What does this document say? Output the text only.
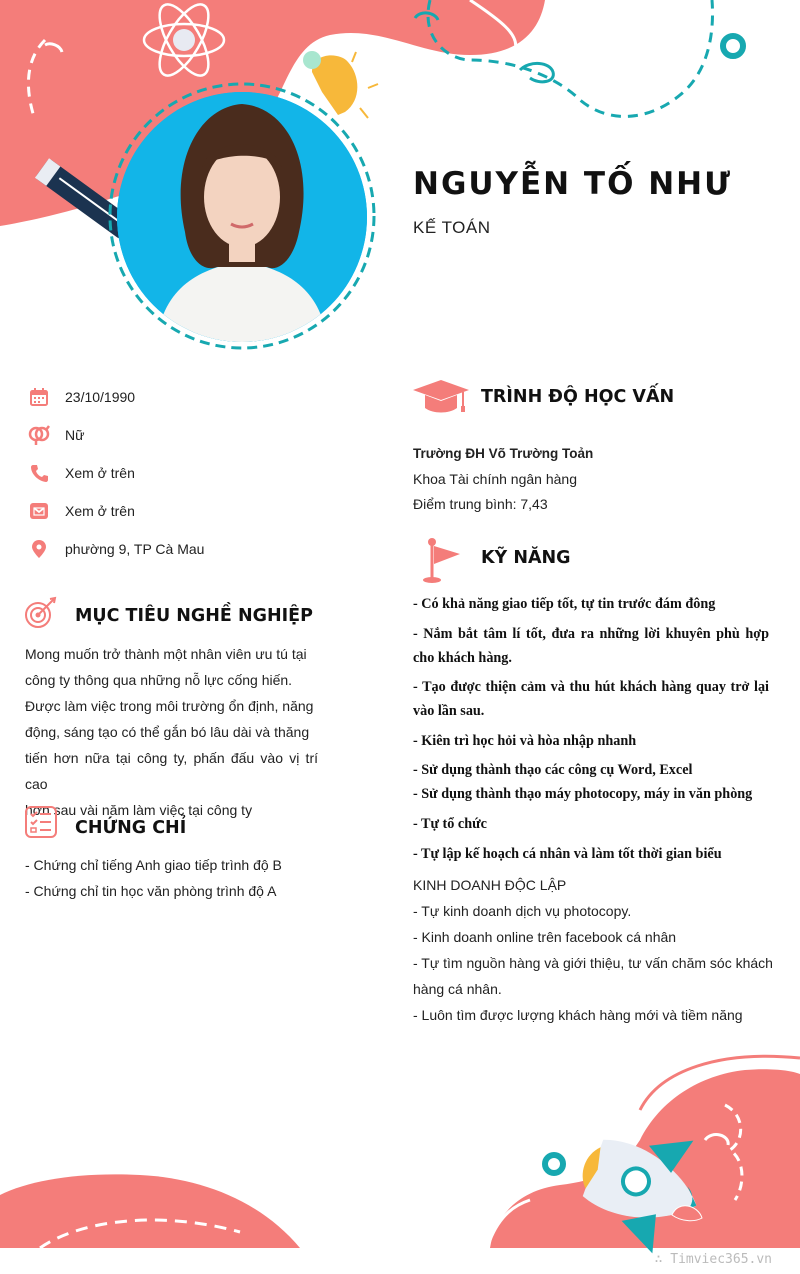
NGUYỄN TỐ NHƯ
KẾ TOÁN
23/10/1990
Nữ
Xem ở trên
Xem ở trên
phường 9, TP Cà Mau
MỤC TIÊU NGHỀ NGHIỆP
Mong muốn trở thành một nhân viên ưu tú tại
công ty thông qua những nỗ lực cống hiến.
Được làm việc trong môi trường ổn định, năng
động, sáng tạo có thể gắn bó lâu dài và thăng
tiến hơn nữa tại công ty, phấn đấu vào vị trí cao
hơn sau vài năm làm việc tại công ty
CHỨNG CHỈ
- Chứng chỉ tiếng Anh giao tiếp trình độ B
- Chứng chỉ tin học văn phòng trình độ A
TRÌNH ĐỘ HỌC VẤN
Trường ĐH Võ Trường Toản
Khoa Tài chính ngân hàng
Điểm trung bình: 7,43
KỸ NĂNG
- Có khả năng giao tiếp tốt, tự tin trước đám đông
- Nắm bắt tâm lí tốt, đưa ra những lời khuyên phù hợp cho khách hàng.
- Tạo được thiện cảm và thu hút khách hàng quay trở lại vào lần sau.
- Kiên trì học hỏi và hòa nhập nhanh
- Sử dụng thành thạo các công cụ Word, Excel
- Sử dụng thành thạo máy photocopy, máy in văn phòng
- Tự tổ chức
- Tự lập kế hoạch cá nhân và làm tốt thời gian biểu
KINH DOANH ĐỘC LẬP
- Tự kinh doanh dịch vụ photocopy.
- Kinh doanh online trên facebook cá nhân
- Tự tìm nguồn hàng và giới thiệu, tư vấn chăm sóc khách hàng cá nhân.
- Luôn tìm được lượng khách hàng mới và tiềm năng
∴ Timviec365.vn
